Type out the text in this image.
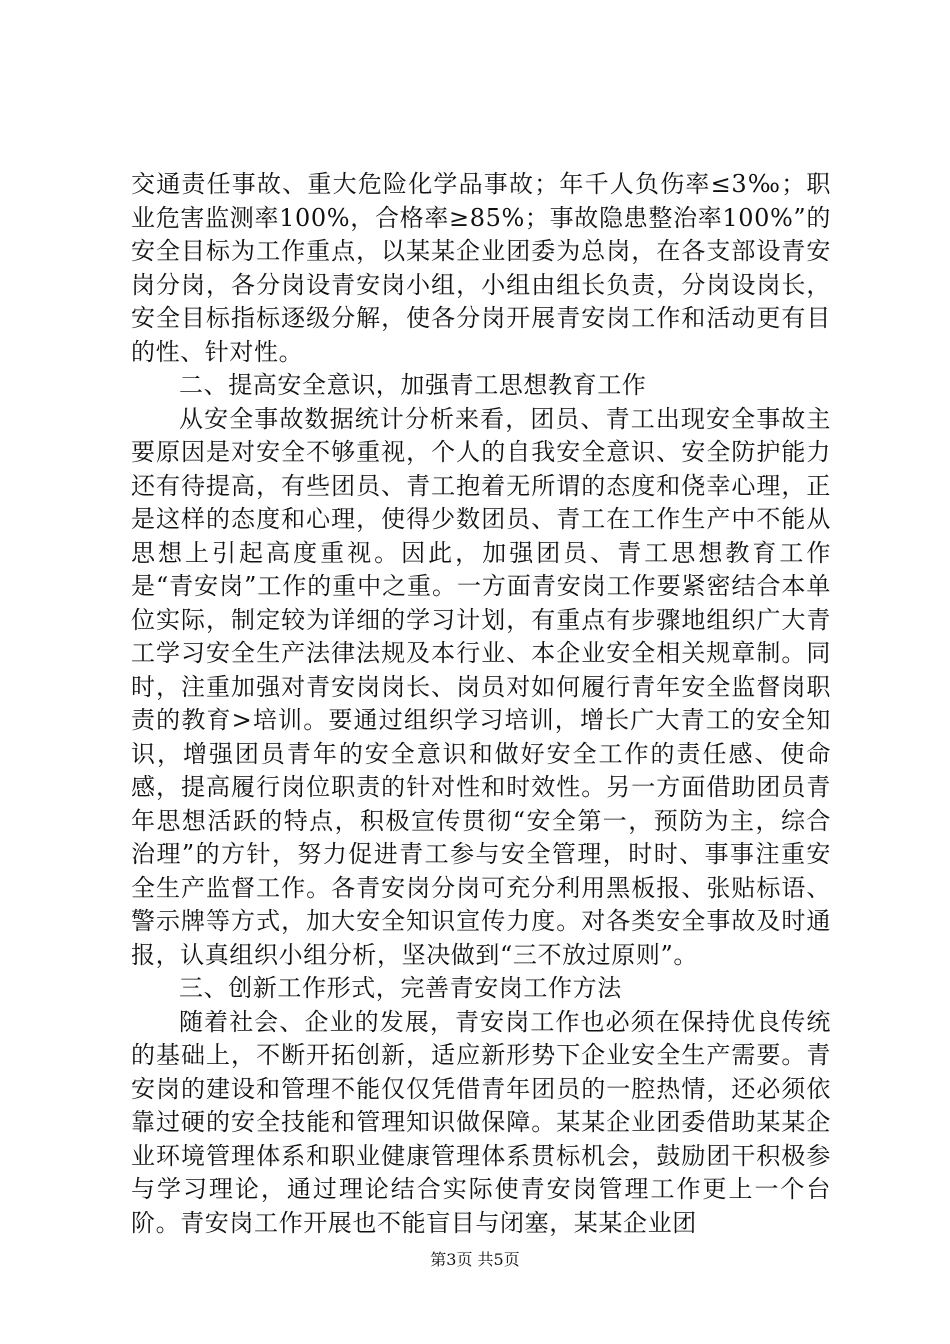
交通责任事故、重大危险化学品事故；年千人负伤率≤3‰；职业危害监测率100%，合格率≥85%；事故隐患整治率100%”的安全目标为工作重点，以某某企业团委为总岗，在各支部设青安岗分岗，各分岗设青安岗小组，小组由组长负责，分岗设岗长，安全目标指标逐级分解，使各分岗开展青安岗工作和活动更有目的性、针对性。

二、提高安全意识，加强青工思想教育工作

从安全事故数据统计分析来看，团员、青工出现安全事故主要原因是对安全不够重视，个人的自我安全意识、安全防护能力还有待提高，有些团员、青工抱着无所谓的态度和侥幸心理，正是这样的态度和心理，使得少数团员、青工在工作生产中不能从思想上引起高度重视。因此，加强团员、青工思想教育工作是“青安岗”工作的重中之重。一方面青安岗工作要紧密结合本单位实际，制定较为详细的学习计划，有重点有步骤地组织广大青工学习安全生产法律法规及本行业、本企业安全相关规章制。同时，注重加强对青安岗岗长、岗员对如何履行青年安全监督岗职责的教育>培训。要通过组织学习培训，增长广大青工的安全知识，增强团员青年的安全意识和做好安全工作的责任感、使命感，提高履行岗位职责的针对性和时效性。另一方面借助团员青年思想活跃的特点，积极宣传贯彻“安全第一，预防为主，综合治理”的方针，努力促进青工参与安全管理，时时、事事注重安全生产监督工作。各青安岗分岗可充分利用黑板报、张贴标语、警示牌等方式，加大安全知识宣传力度。对各类安全事故及时通报，认真组织小组分析，坚决做到“三不放过原则”。

三、创新工作形式，完善青安岗工作方法

随着社会、企业的发展，青安岗工作也必须在保持优良传统的基础上，不断开拓创新，适应新形势下企业安全生产需要。青安岗的建设和管理不能仅仅凭借青年团员的一腔热情，还必须依靠过硬的安全技能和管理知识做保障。某某企业团委借助某某企业环境管理体系和职业健康管理体系贯标机会，鼓励团干积极参与学习理论，通过理论结合实际使青安岗管理工作更上一个台阶。青安岗工作开展也不能盲目与闭塞，某某企业团

第3页 共5页
